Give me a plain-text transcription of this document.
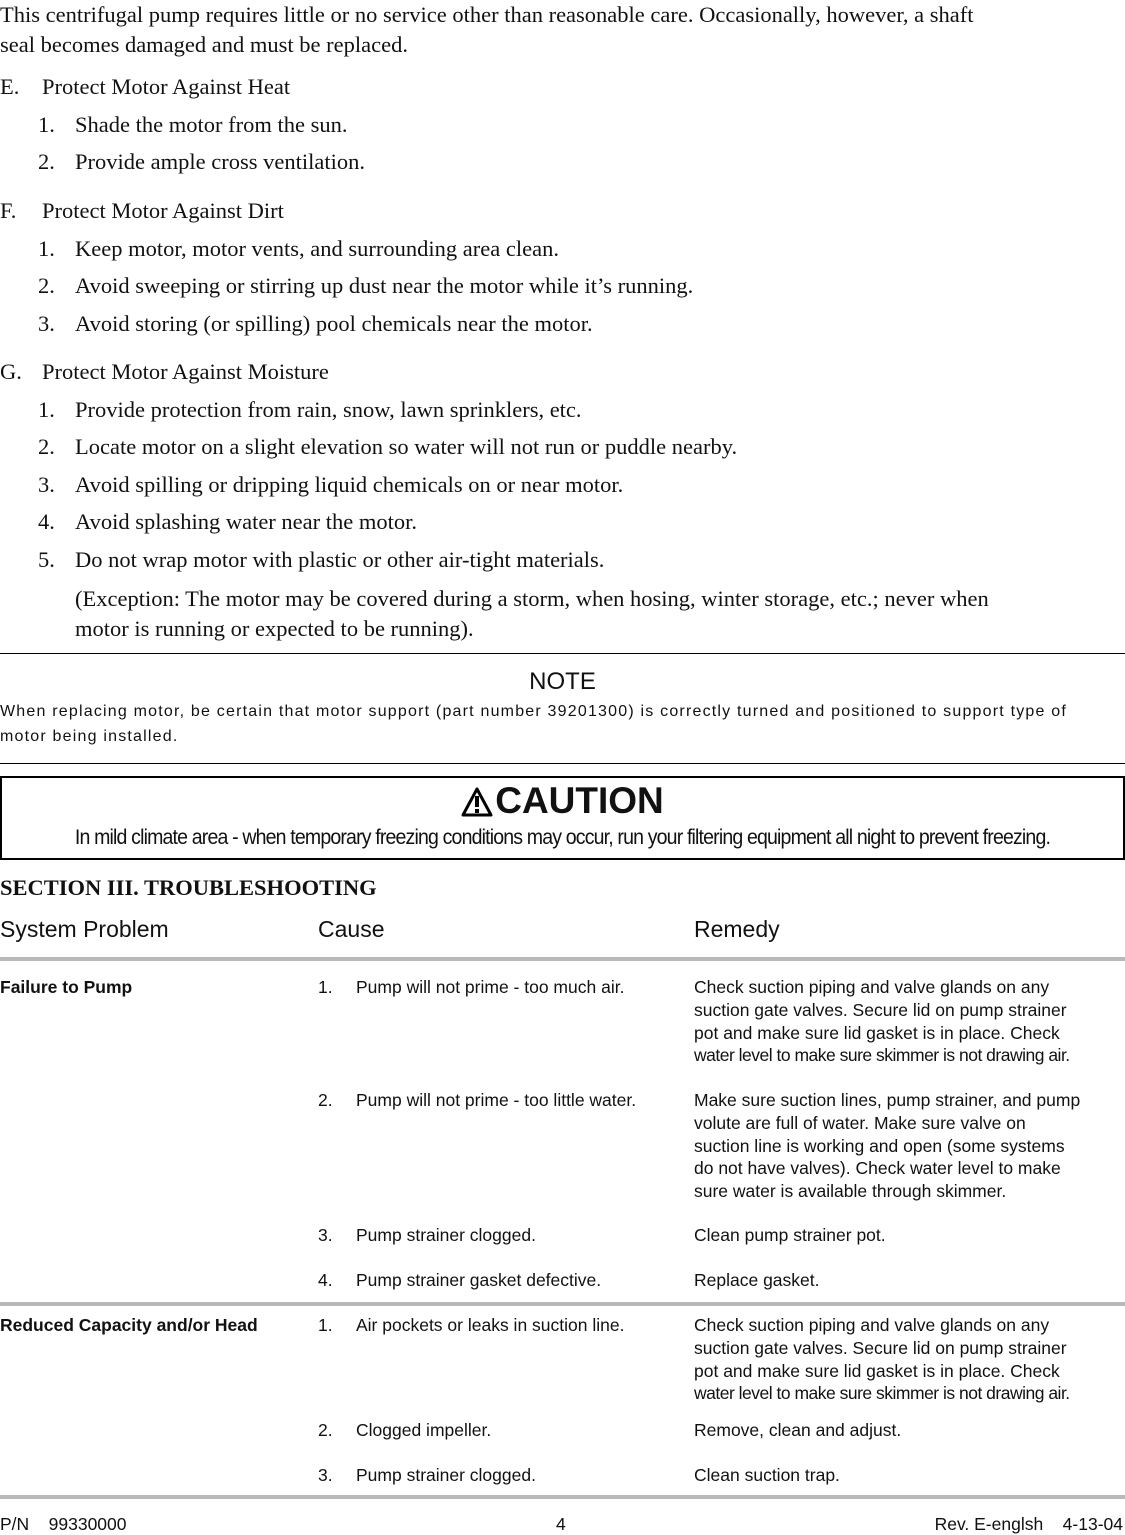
This centrifugal pump requires little or no service other than reasonable care. Occasionally, however, a shaft
seal becomes damaged and must be replaced.
E. Protect Motor Against Heat
1. Shade the motor from the sun.
2. Provide ample cross ventilation.
F. Protect Motor Against Dirt
1. Keep motor, motor vents, and surrounding area clean.
2. Avoid sweeping or stirring up dust near the motor while it’s running.
3. Avoid storing (or spilling) pool chemicals near the motor.
G. Protect Motor Against Moisture
1. Provide protection from rain, snow, lawn sprinklers, etc.
2. Locate motor on a slight elevation so water will not run or puddle nearby.
3. Avoid spilling or dripping liquid chemicals on or near motor.
4. Avoid splashing water near the motor.
5. Do not wrap motor with plastic or other air-tight materials.
(Exception: The motor may be covered during a storm, when hosing, winter storage, etc.; never when
motor is running or expected to be running).
NOTE
When replacing motor, be certain that motor support (part number 39201300) is correctly turned and positioned to support type of
motor being installed.
CAUTION
In mild climate area - when temporary freezing conditions may occur, run your filtering equipment all night to prevent freezing.
SECTION III. TROUBLESHOOTING
System Problem	Cause	Remedy
Failure to Pump	1. Pump will not prime - too much air.	Check suction piping and valve glands on any
suction gate valves. Secure lid on pump strainer
pot and make sure lid gasket is in place. Check
water level to make sure skimmer is not drawing air.
2. Pump will not prime - too little water.	Make sure suction lines, pump strainer, and pump
volute are full of water. Make sure valve on
suction line is working and open (some systems
do not have valves). Check water level to make
sure water is available through skimmer.
3. Pump strainer clogged.	Clean pump strainer pot.
4. Pump strainer gasket defective.	Replace gasket.
Reduced Capacity and/or Head	1. Air pockets or leaks in suction line.	Check suction piping and valve glands on any
suction gate valves. Secure lid on pump strainer
pot and make sure lid gasket is in place. Check
water level to make sure skimmer is not drawing air.
2. Clogged impeller.	Remove, clean and adjust.
3. Pump strainer clogged.	Clean suction trap.
P/N 99330000	4	Rev. E-englsh 4-13-04
